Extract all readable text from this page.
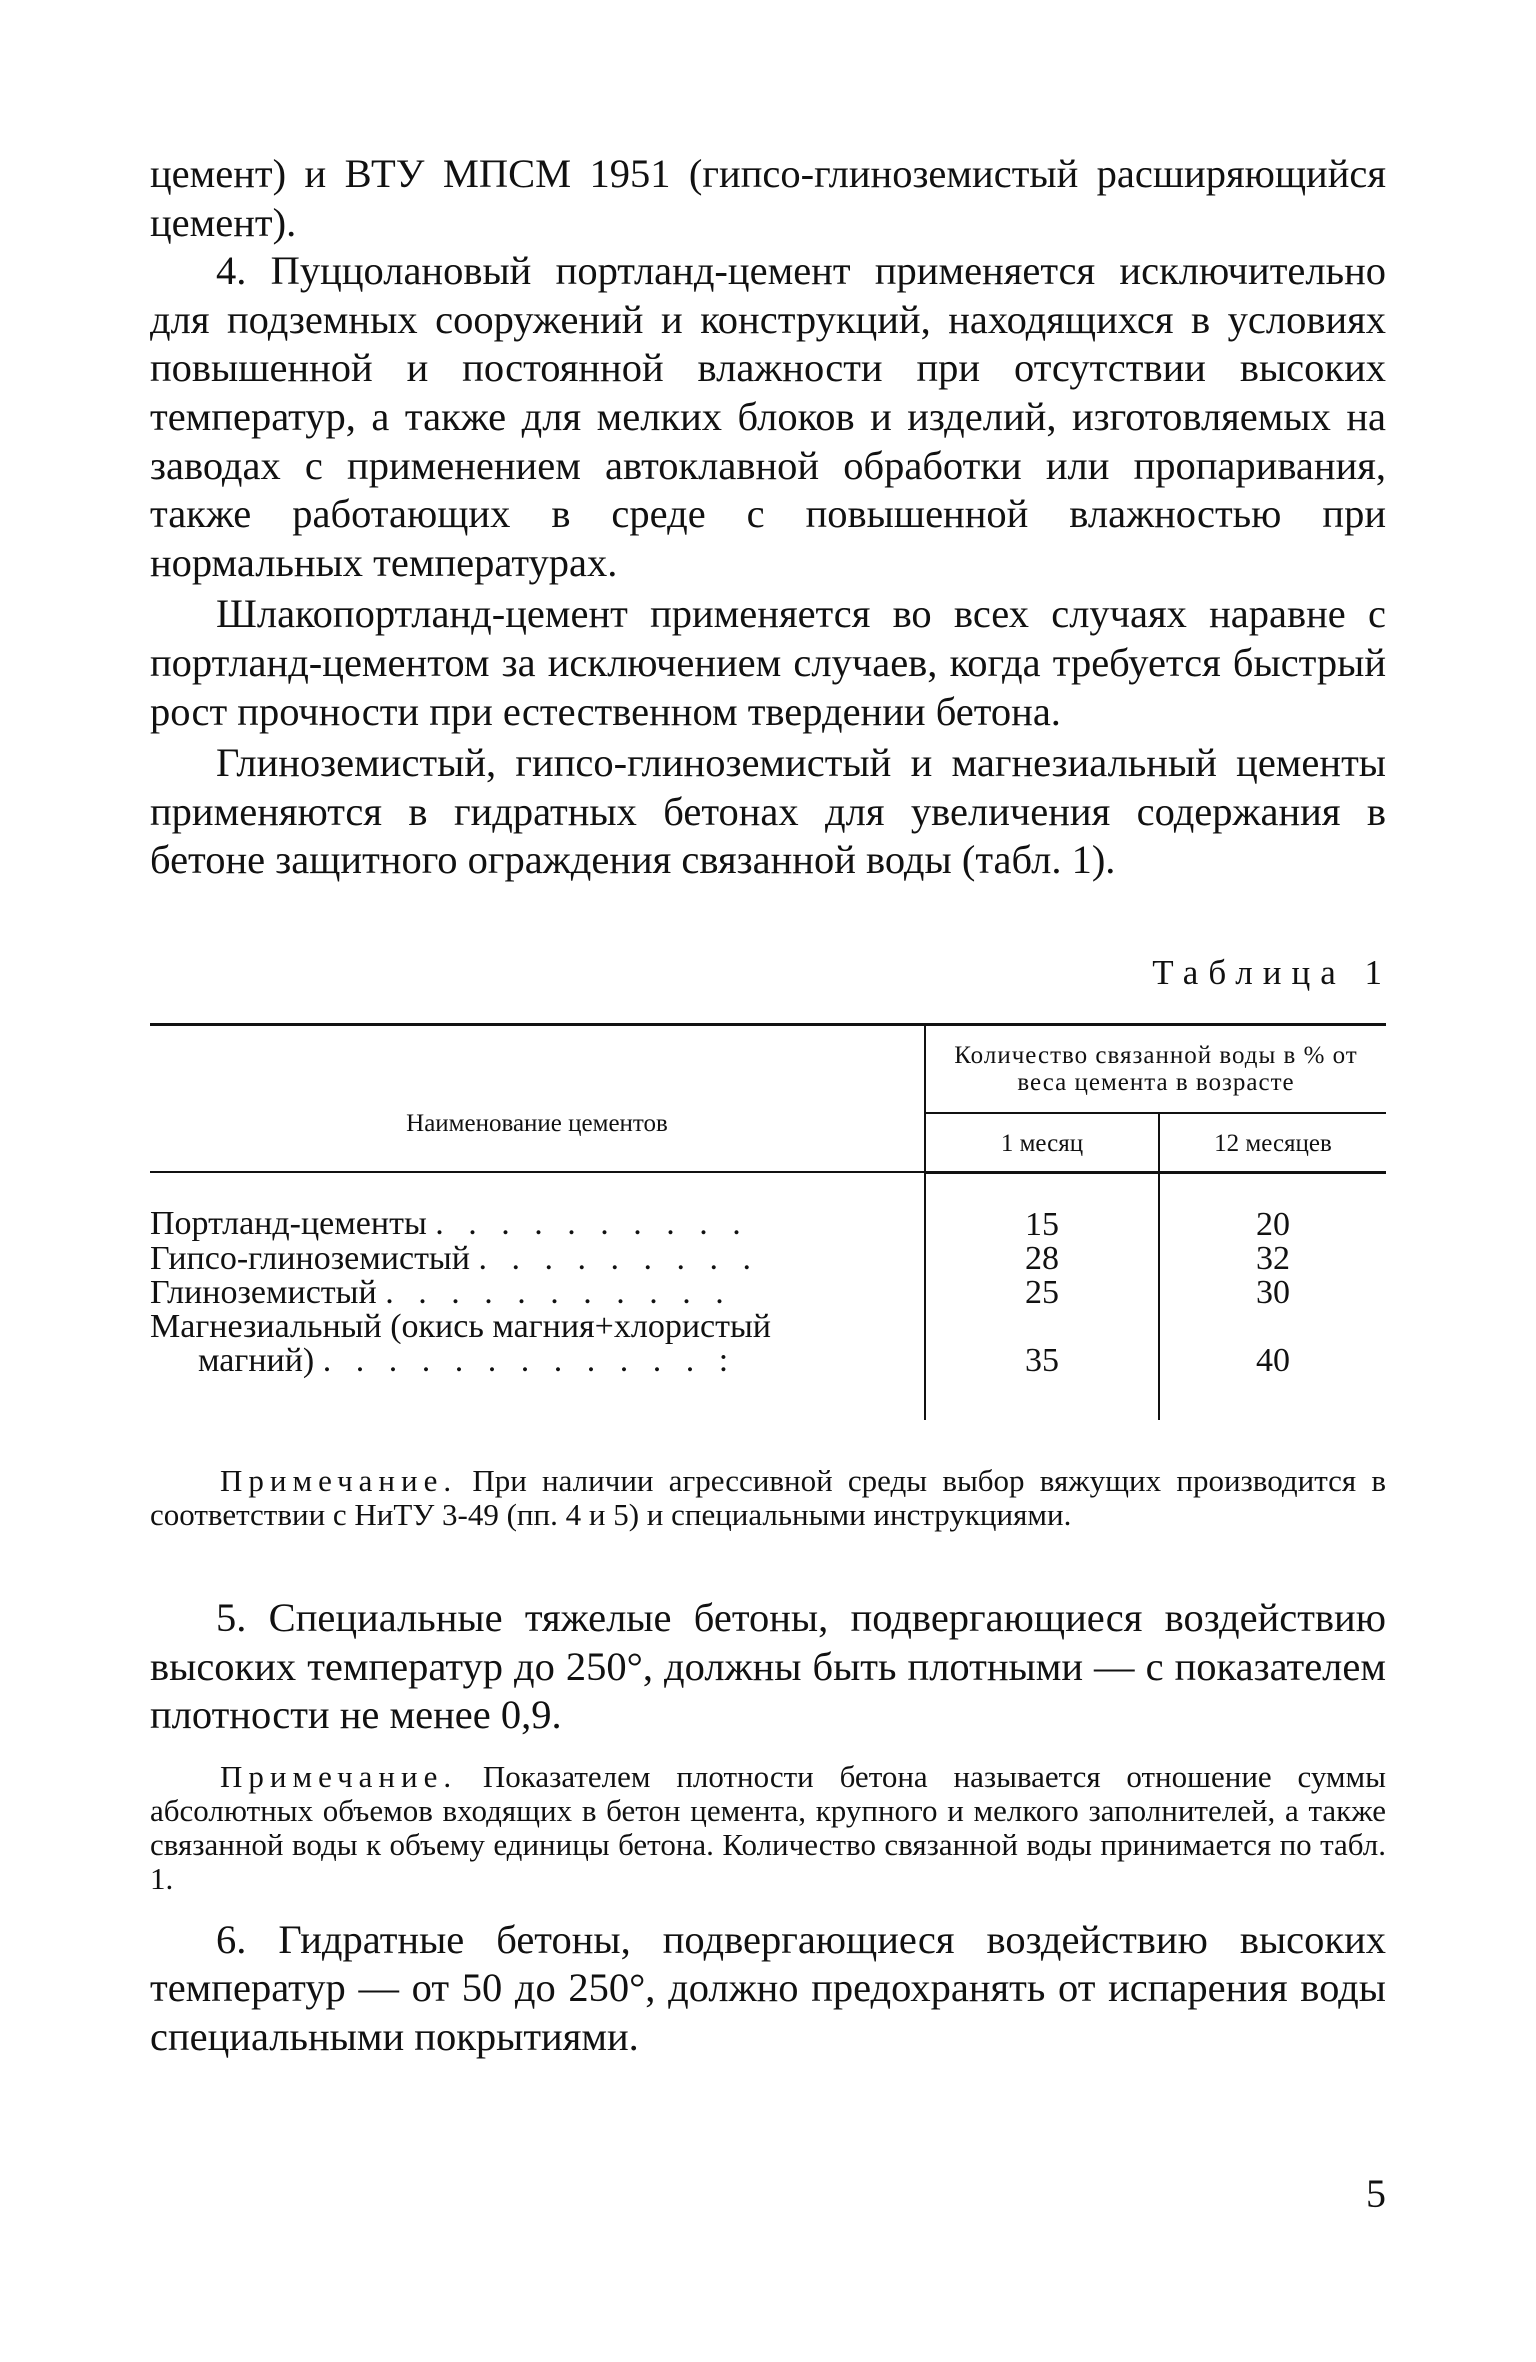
цемент) и ВТУ МПСМ 1951 (гипсо-глиноземистый расширяющийся цемент).

4. Пуццолановый портланд-цемент применяется исключительно для подземных сооружений и конструкций, находящихся в условиях повышенной и постоянной влажности при отсутствии высоких температур, а также для мелких блоков и изделий, изготовляемых на заводах с применением автоклавной обработки или пропаривания, также работающих в среде с повышенной влажностью при нормальных температурах.

Шлакопортланд-цемент применяется во всех случаях наравне с портланд-цементом за исключением случаев, когда требуется быстрый рост прочности при естественном твердении бетона.

Глиноземистый, гипсо-глиноземистый и магнезиальный цементы применяются в гидратных бетонах для увеличения содержания в бетоне защитного ограждения связанной воды (табл. 1).

Таблица 1
Наименование цементов	Количество связанной воды в % от веса цемента в возрасте	
	1 месяц	12 месяцев
Портланд-цементы . . . . . . . . . .	15	20
Гипсо-глиноземистый . . . . . . . . .	28	32
Глиноземистый . . . . . . . . . . .	25	30
Магнезиальный (окись магния+хлористый		
магний) . . . . . . . . . . . . :	35	40

Примечание. При наличии агрессивной среды выбор вяжущих производится в соответствии с НиТУ 3-49 (пп. 4 и 5) и специальными инструкциями.

5. Специальные тяжелые бетоны, подвергающиеся воздействию высоких температур до 250°, должны быть плотными — с показателем плотности не менее 0,9.

Примечание. Показателем плотности бетона называется отношение суммы абсолютных объемов входящих в бетон цемента, крупного и мелкого заполнителей, а также связанной воды к объему единицы бетона. Количество связанной воды принимается по табл. 1.

6. Гидратные бетоны, подвергающиеся воздействию высоких температур — от 50 до 250°, должно предохранять от испарения воды специальными покрытиями.

5
